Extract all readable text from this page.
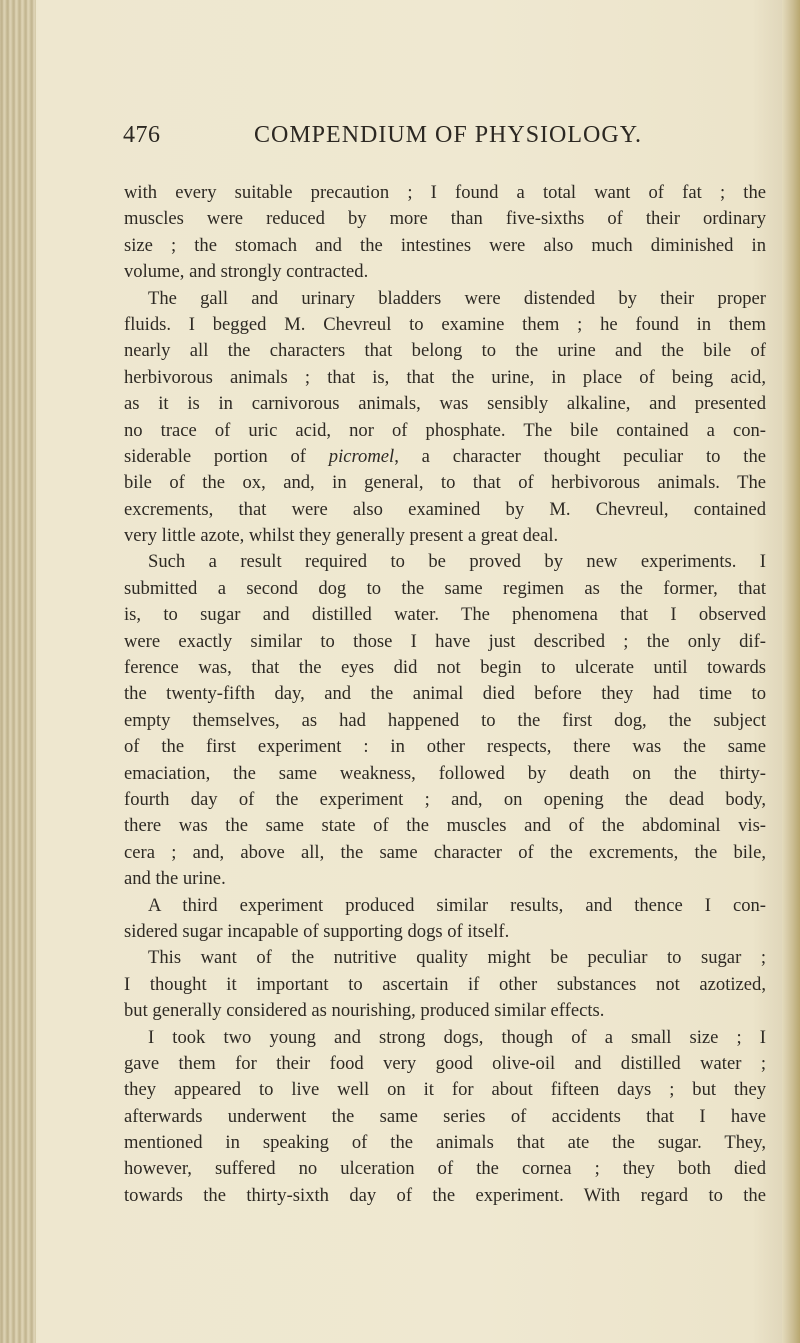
476	COMPENDIUM OF PHYSIOLOGY.
with every suitable precaution ; I found a total want of fat ; the
muscles were reduced by more than five-sixths of their ordinary
size ; the stomach and the intestines were also much diminished in
volume, and strongly contracted.
The gall and urinary bladders were distended by their proper
fluids. I begged M. Chevreul to examine them ; he found in them
nearly all the characters that belong to the urine and the bile of
herbivorous animals ; that is, that the urine, in place of being acid,
as it is in carnivorous animals, was sensibly alkaline, and presented
no trace of uric acid, nor of phosphate. The bile contained a con-
siderable portion of picromel, a character thought peculiar to the
bile of the ox, and, in general, to that of herbivorous animals. The
excrements, that were also examined by M. Chevreul, contained
very little azote, whilst they generally present a great deal.
Such a result required to be proved by new experiments. I
submitted a second dog to the same regimen as the former, that
is, to sugar and distilled water. The phenomena that I observed
were exactly similar to those I have just described ; the only dif-
ference was, that the eyes did not begin to ulcerate until towards
the twenty-fifth day, and the animal died before they had time to
empty themselves, as had happened to the first dog, the subject
of the first experiment : in other respects, there was the same
emaciation, the same weakness, followed by death on the thirty-
fourth day of the experiment ; and, on opening the dead body,
there was the same state of the muscles and of the abdominal vis-
cera ; and, above all, the same character of the excrements, the bile,
and the urine.
A third experiment produced similar results, and thence I con-
sidered sugar incapable of supporting dogs of itself.
This want of the nutritive quality might be peculiar to sugar ;
I thought it important to ascertain if other substances not azotized,
but generally considered as nourishing, produced similar effects.
I took two young and strong dogs, though of a small size ; I
gave them for their food very good olive-oil and distilled water ;
they appeared to live well on it for about fifteen days ; but they
afterwards underwent the same series of accidents that I have
mentioned in speaking of the animals that ate the sugar. They,
however, suffered no ulceration of the cornea ; they both died
towards the thirty-sixth day of the experiment. With regard to the
